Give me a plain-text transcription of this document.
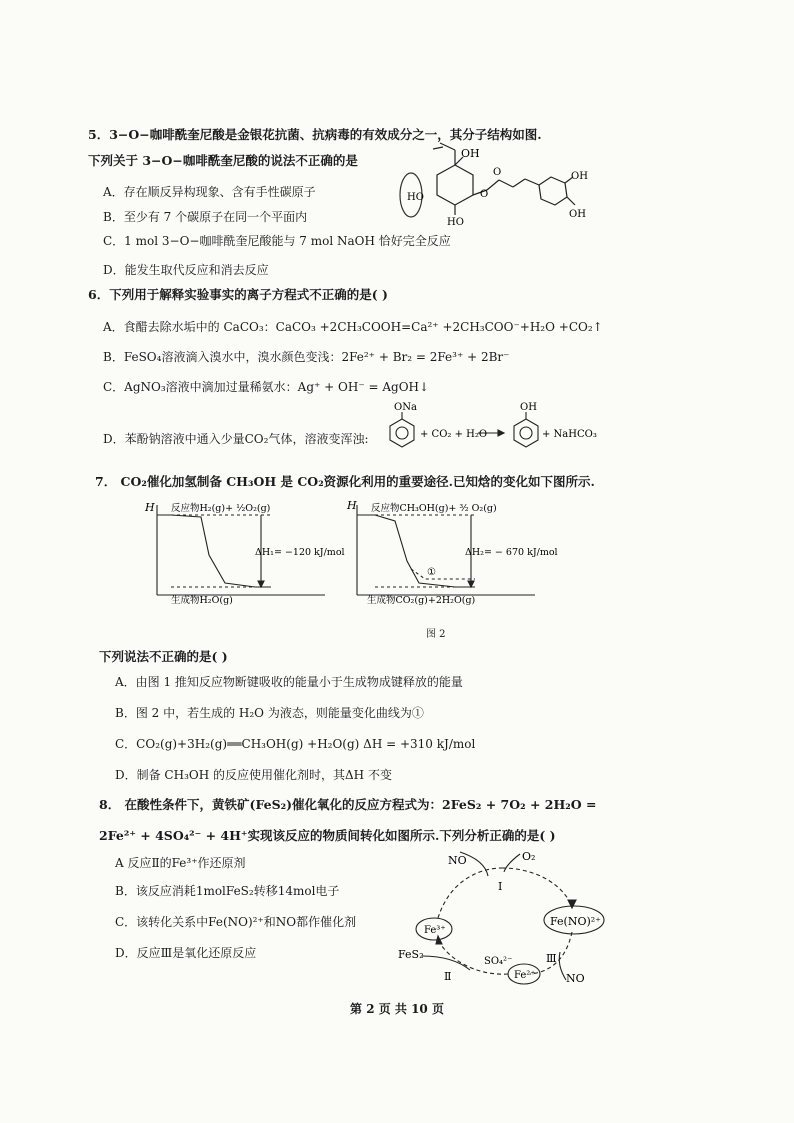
5．3−O−咖啡酰奎尼酸是金银花抗菌、抗病毒的有效成分之一，其分子结构如图.
下列关于 3−O−咖啡酰奎尼酸的说法不正确的是
A．存在顺反异构现象、含有手性碳原子
B．至少有 7 个碳原子在同一个平面内
C．1 mol 3−O−咖啡酰奎尼酸能与 7 mol NaOH 恰好完全反应
D．能发生取代反应和消去反应
OH
HO
HO
O
O	OH
OH
6．下列用于解释实验事实的离子方程式不正确的是( )
A．食醋去除水垢中的 CaCO₃：CaCO₃ +2CH₃COOH=Ca²⁺ +2CH₃COO⁻+H₂O +CO₂↑
B．FeSO₄溶液滴入溴水中，溴水颜色变浅：2Fe²⁺ + Br₂ = 2Fe³⁺ + 2Br⁻
C．AgNO₃溶液中滴加过量稀氨水：Ag⁺ + OH⁻ = AgOH↓
D．苯酚钠溶液中通入少量CO₂气体，溶液变浑浊:
ONa
+ CO₂ + H₂O
OH
+ NaHCO₃
7． CO₂催化加氢制备 CH₃OH 是 CO₂资源化利用的重要途径.已知焓的变化如下图所示.
H 反应物H₂(g)+ ½O₂(g)
ΔH₁= −120 kJ/mol
生成物H₂O(g)
H 反应物CH₃OH(g)+ ³⁄₂ O₂(g)
ΔH₂= − 670 kJ/mol
①
生成物CO₂(g)+2H₂O(g)
图 2
下列说法不正确的是( )
A．由图 1 推知反应物断键吸收的能量小于生成物成键释放的能量
B．图 2 中，若生成的 H₂O 为液态，则能量变化曲线为①
C．CO₂(g)+3H₂(g)══CH₃OH(g) +H₂O(g) ΔH = +310 kJ/mol
D．制备 CH₃OH 的反应使用催化剂时，其ΔH 不变
8． 在酸性条件下，黄铁矿(FeS₂)催化氧化的反应方程式为：2FeS₂ + 7O₂ + 2H₂O =
2Fe²⁺ + 4SO₄²⁻ + 4H⁺实现该反应的物质间转化如图所示.下列分析正确的是( )
A 反应Ⅱ的Fe³⁺作还原剂
B．该反应消耗1molFeS₂转移14mol电子
C．该转化关系中Fe(NO)²⁺和NO都作催化剂
D．反应Ⅲ是氧化还原反应
NO	O₂
Ⅰ
Fe³⁺
Fe(NO)²⁺
FeS₂
SO₄²⁻
Fe²⁺
Ⅱ
Ⅲ
NO
第 2 页 共 10 页
